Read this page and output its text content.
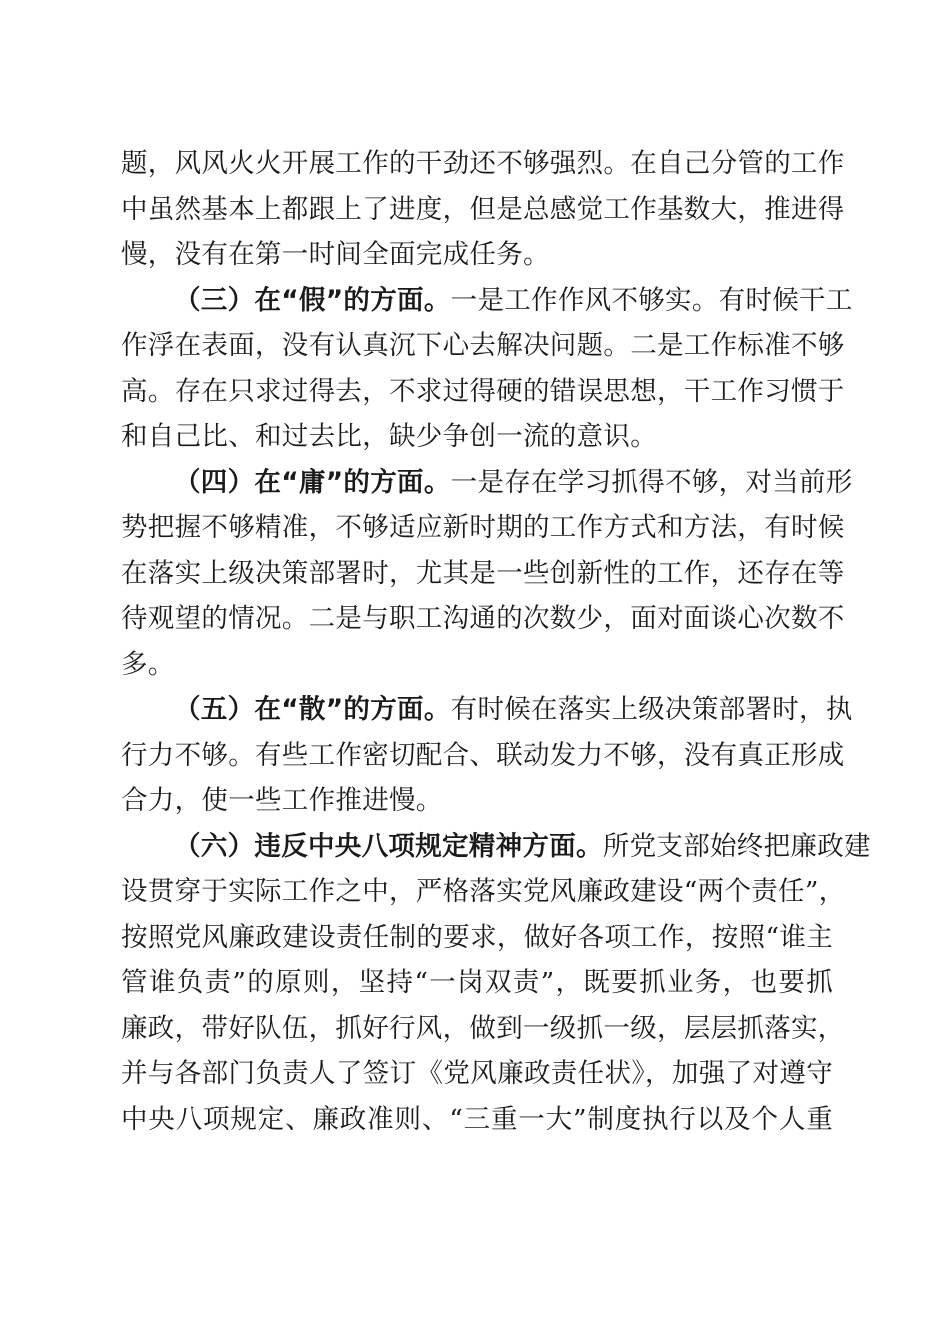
题，风风火火开展工作的干劲还不够强烈。在自己分管的工作
中虽然基本上都跟上了进度，但是总感觉工作基数大，推进得
慢，没有在第一时间全面完成任务。
（三）在“假”的方面。一是工作作风不够实。有时候干工
作浮在表面，没有认真沉下心去解决问题。二是工作标准不够
高。存在只求过得去，不求过得硬的错误思想，干工作习惯于
和自己比、和过去比，缺少争创一流的意识。
（四）在“庸”的方面。一是存在学习抓得不够，对当前形
势把握不够精准，不够适应新时期的工作方式和方法，有时候
在落实上级决策部署时，尤其是一些创新性的工作，还存在等
待观望的情况。二是与职工沟通的次数少，面对面谈心次数不
多。
（五）在“散”的方面。有时候在落实上级决策部署时，执
行力不够。有些工作密切配合、联动发力不够，没有真正形成
合力，使一些工作推进慢。
（六）违反中央八项规定精神方面。所党支部始终把廉政建
设贯穿于实际工作之中，严格落实党风廉政建设“两个责任”，
按照党风廉政建设责任制的要求，做好各项工作，按照“谁主
管谁负责”的原则，坚持“一岗双责”，既要抓业务，也要抓
廉政，带好队伍，抓好行风，做到一级抓一级，层层抓落实，
并与各部门负责人了签订《党风廉政责任状》，加强了对遵守
中央八项规定、廉政准则、“三重一大”制度执行以及个人重
